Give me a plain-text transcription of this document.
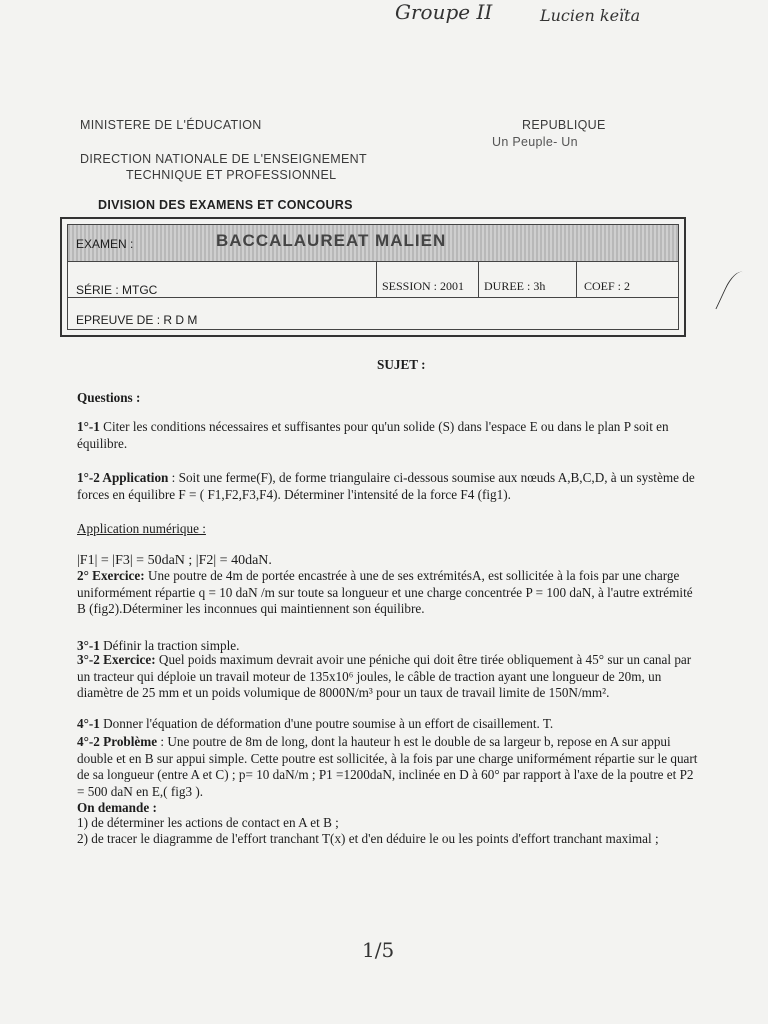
Groupe II	Lucien keïta
MINISTERE DE L'ÉDUCATION	REPUBLIQUE
Un Peuple- Un
DIRECTION NATIONALE DE L'ENSEIGNEMENT
TECHNIQUE ET PROFESSIONNEL
DIVISION DES EXAMENS ET CONCOURS
EXAMEN :	BACCALAUREAT MALIEN
SÉRIE : MTGC	SESSION : 2001 DUREE : 3h	COEF : 2
EPREUVE DE : R D M
SUJET :
Questions :

1°-1 Citer les conditions nécessaires et suffisantes pour qu'un solide (S) dans l'espace E ou dans le plan P soit en équilibre.

1°-2 Application : Soit une ferme(F), de forme triangulaire ci-dessous soumise aux nœuds A,B,C,D, à un système de forces en équilibre F = ( F1,F2,F3,F4). Déterminer l'intensité de la force F4 (fig1).

Application numérique :
|F1| = |F3| = 50daN ; |F2| = 40daN.

2° Exercice: Une poutre de 4m de portée encastrée à une de ses extrémitésA, est sollicitée à la fois par une charge uniformément répartie q = 10 daN /m sur toute sa longueur et une charge concentrée P = 100 daN, à l'autre extrémité B (fig2).Déterminer les inconnues qui maintiennent son équilibre.

3°-1 Définir la traction simple.

3°-2 Exercice: Quel poids maximum devrait avoir une péniche qui doit être tirée obliquement à 45° sur un canal par un tracteur qui déploie un travail moteur de 135x10⁶ joules, le câble de traction ayant une longueur de 20m, un diamètre de 25 mm et un poids volumique de 8000N/m³ pour un taux de travail limite de 150N/mm².

4°-1 Donner l'équation de déformation d'une poutre soumise à un effort de cisaillement. T.

4°-2 Problème : Une poutre de 8m de long, dont la hauteur h est le double de sa largeur b, repose en A sur appui double et en B sur appui simple. Cette poutre est sollicitée, à la fois par une charge uniformément répartie sur le quart de sa longueur (entre A et C) ; p= 10 daN/m ; P1 =1200daN, inclinée en D à 60° par rapport à l'axe de la poutre et P2 = 500 daN en E,( fig3 ).

On demande :
1) de déterminer les actions de contact en A et B ;
2) de tracer le diagramme de l'effort tranchant T(x) et d'en déduire le ou les points d'effort tranchant maximal ;
1/5
